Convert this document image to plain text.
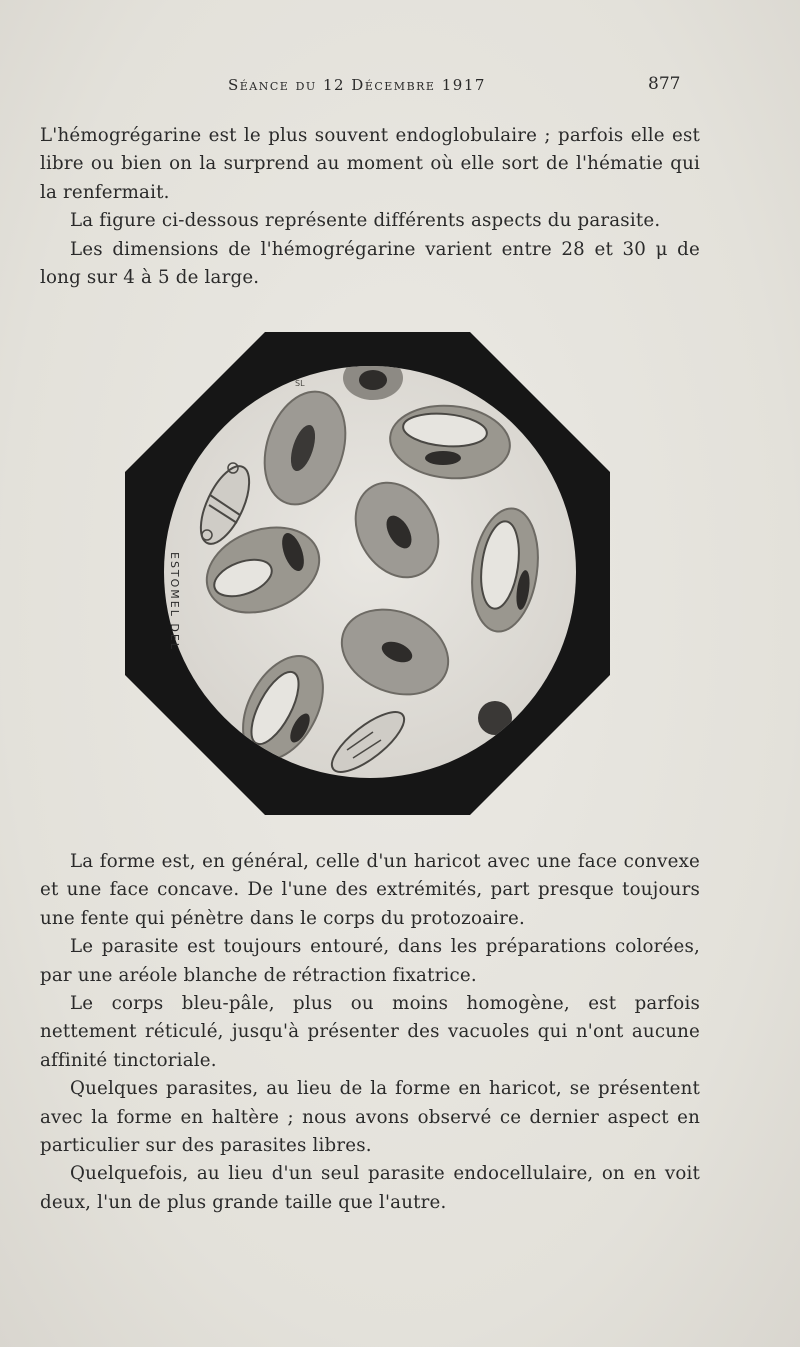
Séance du 12 Décembre 1917	877

L'hémogrégarine est le plus souvent endoglobulaire ; parfois elle est libre ou bien on la surprend au moment où elle sort de l'hématie qui la renfermait.

La figure ci-dessous représente différents aspects du parasite.

Les dimensions de l'hémogrégarine varient entre 28 et 30 μ de long sur 4 à 5 de large.

ESTOMEL DEL
SL

La forme est, en général, celle d'un haricot avec une face convexe et une face concave. De l'une des extrémités, part presque toujours une fente qui pénètre dans le corps du protozoaire.

Le parasite est toujours entouré, dans les préparations colorées, par une aréole blanche de rétraction fixatrice.

Le corps bleu-pâle, plus ou moins homogène, est parfois nettement réticulé, jusqu'à présenter des vacuoles qui n'ont aucune affinité tinctoriale.

Quelques parasites, au lieu de la forme en haricot, se présentent avec la forme en haltère ; nous avons observé ce dernier aspect en particulier sur des parasites libres.

Quelquefois, au lieu d'un seul parasite endocellulaire, on en voit deux, l'un de plus grande taille que l'autre.
